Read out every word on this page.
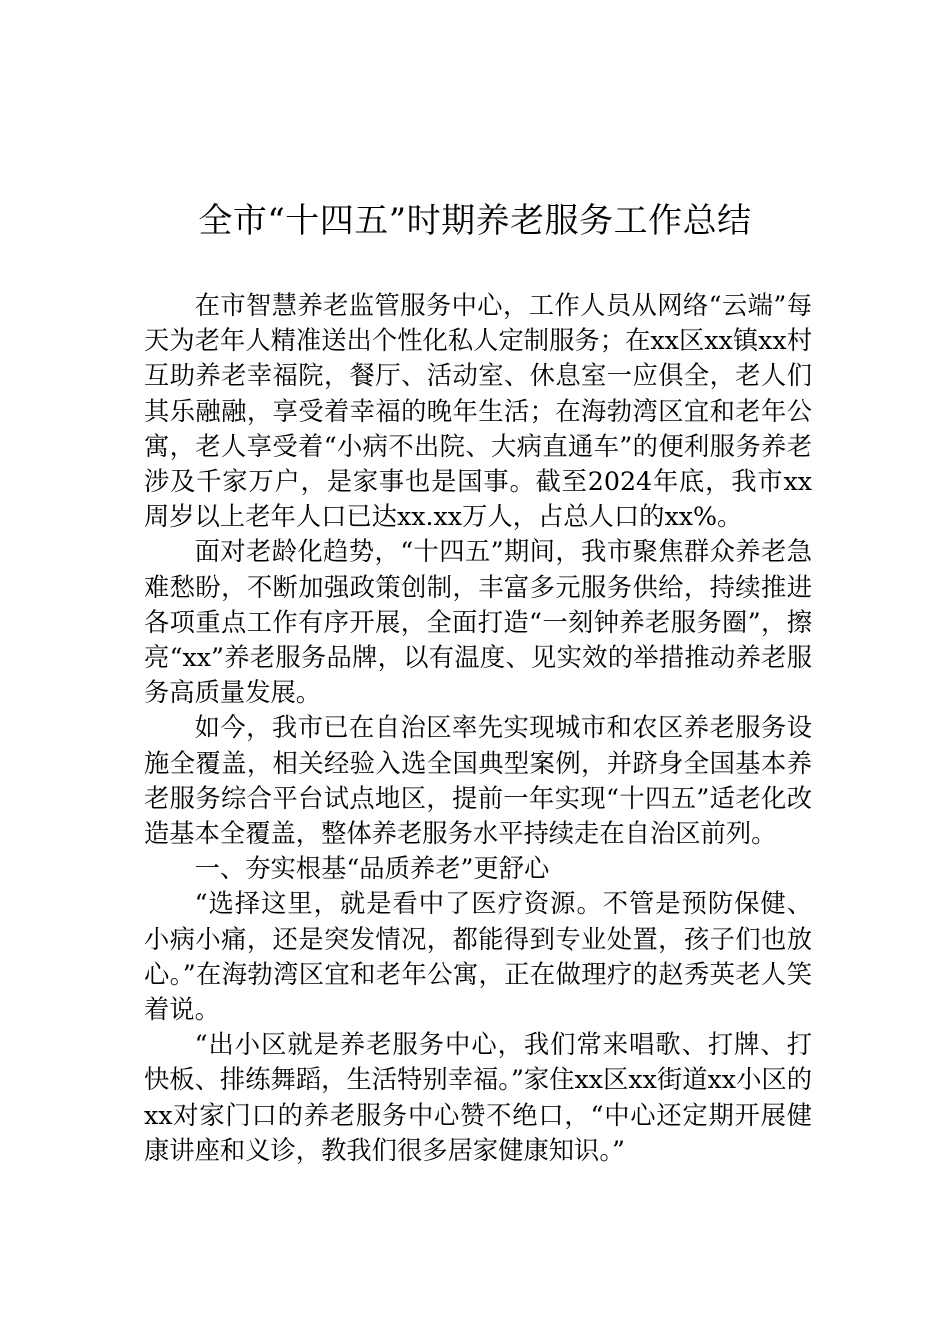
全市“十四五”时期养老服务工作总结

在市智慧养老监管服务中心，工作人员从网络“云端”每天为老年人精准送出个性化私人定制服务；在xx区xx镇xx村互助养老幸福院，餐厅、活动室、休息室一应俱全，老人们其乐融融，享受着幸福的晚年生活；在海勃湾区宜和老年公寓，老人享受着“小病不出院、大病直通车”的便利服务养老涉及千家万户，是家事也是国事。截至2024年底，我市xx周岁以上老年人口已达xx.xx万人，占总人口的xx%。

面对老龄化趋势，“十四五”期间，我市聚焦群众养老急难愁盼，不断加强政策创制，丰富多元服务供给，持续推进各项重点工作有序开展，全面打造“一刻钟养老服务圈”，擦亮“xx”养老服务品牌，以有温度、见实效的举措推动养老服务高质量发展。

如今，我市已在自治区率先实现城市和农区养老服务设施全覆盖，相关经验入选全国典型案例，并跻身全国基本养老服务综合平台试点地区，提前一年实现“十四五”适老化改造基本全覆盖，整体养老服务水平持续走在自治区前列。

一、夯实根基“品质养老”更舒心

“选择这里，就是看中了医疗资源。不管是预防保健、小病小痛，还是突发情况，都能得到专业处置，孩子们也放心。”在海勃湾区宜和老年公寓，正在做理疗的赵秀英老人笑着说。

“出小区就是养老服务中心，我们常来唱歌、打牌、打快板、排练舞蹈，生活特别幸福。”家住xx区xx街道xx小区的xx对家门口的养老服务中心赞不绝口，“中心还定期开展健康讲座和义诊，教我们很多居家健康知识。”
